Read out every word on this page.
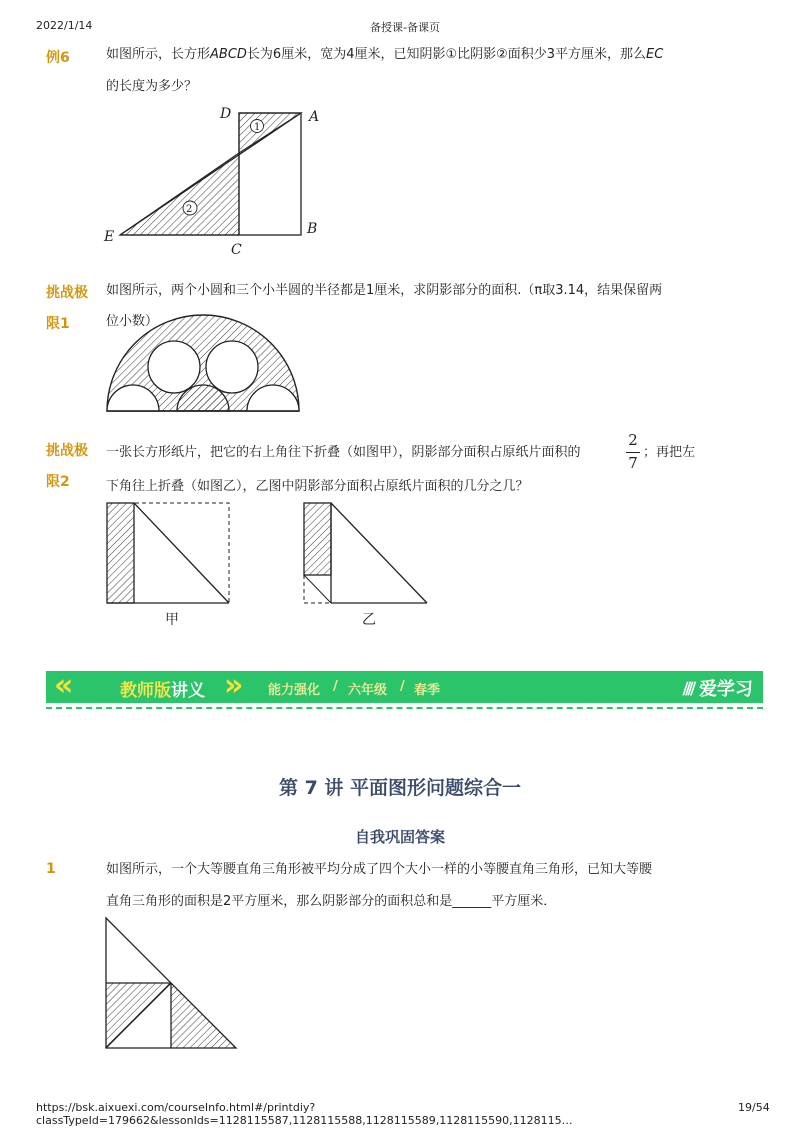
2022/1/14	备授课-备课页
例6	如图所示，长方形ABCD长为6厘米，宽为4厘米，已知阴影①比阴影②面积少3平方厘米，那么EC
的长度为多少？
D	A
E
C
B
1
2
挑战极
限1
如图所示，两个小圆和三个小半圆的半径都是1厘米，求阴影部分的面积.（π取3.14，结果保留两
位小数）
挑战极
限2
一张长方形纸片，把它的右上角往下折叠（如图甲），阴影部分面积占原纸片面积的
2
7
；再把左
下角往上折叠（如图乙），乙图中阴影部分面积占原纸片面积的几分之几？
甲	乙
«	教师版讲义 »	能力强化 / 六年级 / 春季	⫽⫽ 爱学习
第 7 讲 平面图形问题综合一
自我巩固答案
1	如图所示，一个大等腰直角三角形被平均分成了四个大小一样的小等腰直角三角形，已知大等腰
直角三角形的面积是2平方厘米，那么阴影部分的面积总和是______平方厘米．
https://bsk.aixuexi.com/courseInfo.html#/printdiy?classTypeId=179662&lessonIds=1128115587,1128115588,1128115589,1128115590,1128115…
19/54
